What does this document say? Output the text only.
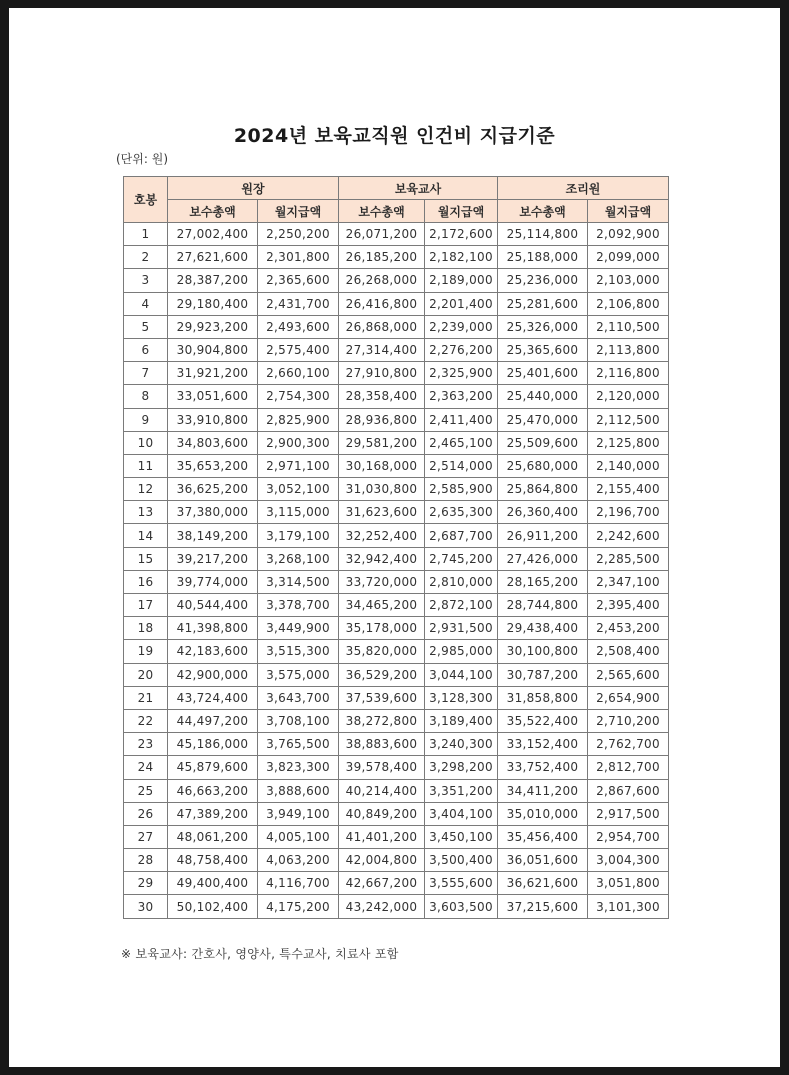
2024년 보육교직원 인건비 지급기준
(단위: 원)
호봉	원장		보육교사		조리원	
	보수총액	월지급액	보수총액	월지급액	보수총액	월지급액
1	27,002,400	2,250,200	26,071,200	2,172,600	25,114,800	2,092,900
2	27,621,600	2,301,800	26,185,200	2,182,100	25,188,000	2,099,000
3	28,387,200	2,365,600	26,268,000	2,189,000	25,236,000	2,103,000
4	29,180,400	2,431,700	26,416,800	2,201,400	25,281,600	2,106,800
5	29,923,200	2,493,600	26,868,000	2,239,000	25,326,000	2,110,500
6	30,904,800	2,575,400	27,314,400	2,276,200	25,365,600	2,113,800
7	31,921,200	2,660,100	27,910,800	2,325,900	25,401,600	2,116,800
8	33,051,600	2,754,300	28,358,400	2,363,200	25,440,000	2,120,000
9	33,910,800	2,825,900	28,936,800	2,411,400	25,470,000	2,112,500
10	34,803,600	2,900,300	29,581,200	2,465,100	25,509,600	2,125,800
11	35,653,200	2,971,100	30,168,000	2,514,000	25,680,000	2,140,000
12	36,625,200	3,052,100	31,030,800	2,585,900	25,864,800	2,155,400
13	37,380,000	3,115,000	31,623,600	2,635,300	26,360,400	2,196,700
14	38,149,200	3,179,100	32,252,400	2,687,700	26,911,200	2,242,600
15	39,217,200	3,268,100	32,942,400	2,745,200	27,426,000	2,285,500
16	39,774,000	3,314,500	33,720,000	2,810,000	28,165,200	2,347,100
17	40,544,400	3,378,700	34,465,200	2,872,100	28,744,800	2,395,400
18	41,398,800	3,449,900	35,178,000	2,931,500	29,438,400	2,453,200
19	42,183,600	3,515,300	35,820,000	2,985,000	30,100,800	2,508,400
20	42,900,000	3,575,000	36,529,200	3,044,100	30,787,200	2,565,600
21	43,724,400	3,643,700	37,539,600	3,128,300	31,858,800	2,654,900
22	44,497,200	3,708,100	38,272,800	3,189,400	35,522,400	2,710,200
23	45,186,000	3,765,500	38,883,600	3,240,300	33,152,400	2,762,700
24	45,879,600	3,823,300	39,578,400	3,298,200	33,752,400	2,812,700
25	46,663,200	3,888,600	40,214,400	3,351,200	34,411,200	2,867,600
26	47,389,200	3,949,100	40,849,200	3,404,100	35,010,000	2,917,500
27	48,061,200	4,005,100	41,401,200	3,450,100	35,456,400	2,954,700
28	48,758,400	4,063,200	42,004,800	3,500,400	36,051,600	3,004,300
29	49,400,400	4,116,700	42,667,200	3,555,600	36,621,600	3,051,800
30	50,102,400	4,175,200	43,242,000	3,603,500	37,215,600	3,101,300
※ 보육교사: 간호사, 영양사, 특수교사, 치료사 포함
